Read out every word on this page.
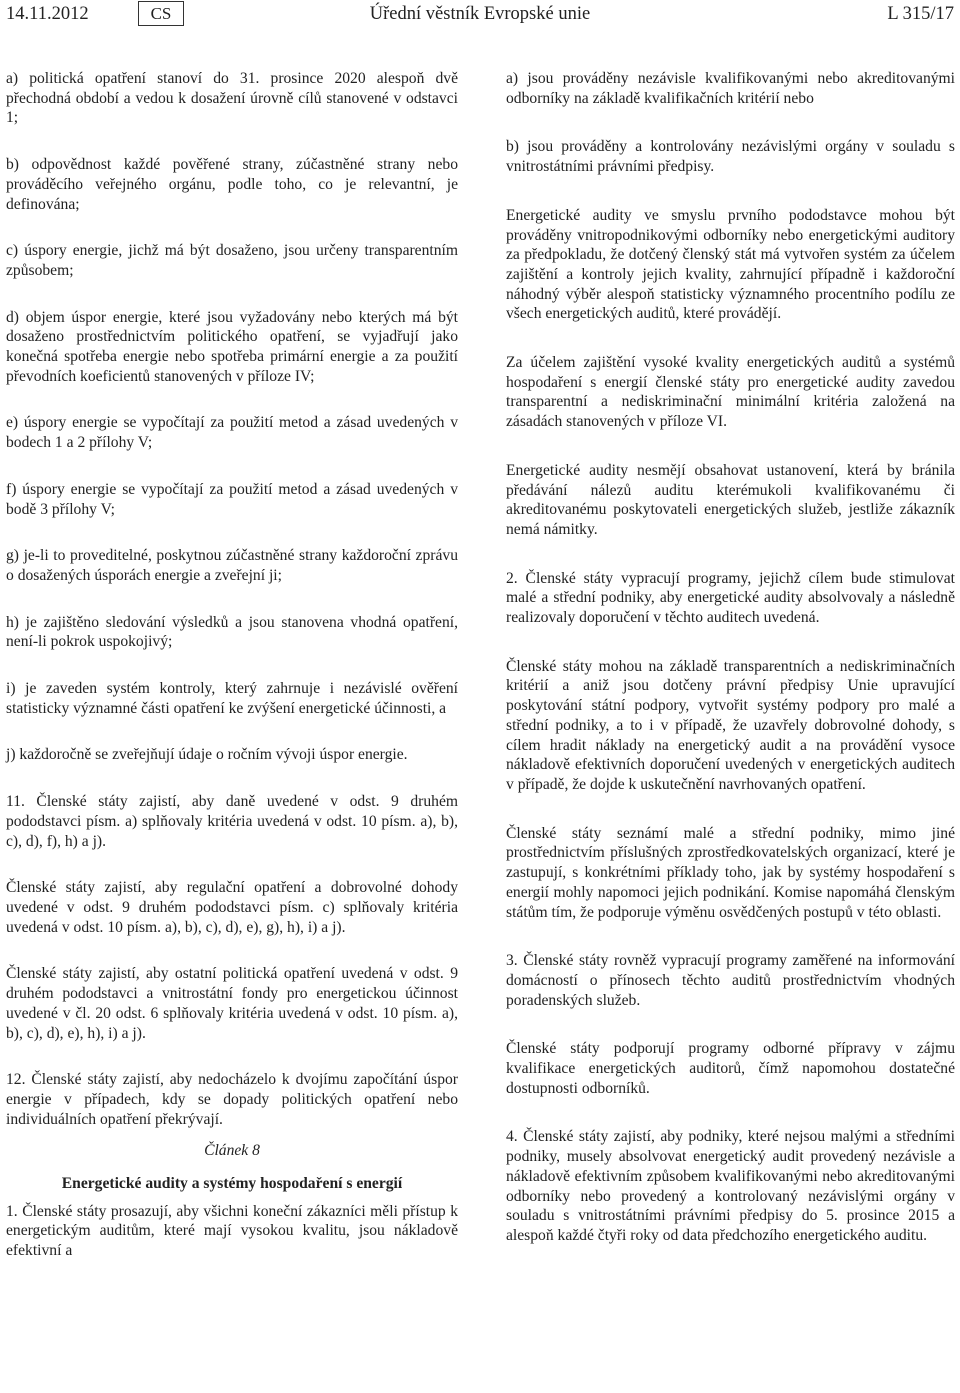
14.11.2012	CS	Úřední věstník Evropské unie	L 315/17

a) politická opatření stanoví do 31. prosince 2020 alespoň dvě přechodná období a vedou k dosažení úrovně cílů stanovené v odstavci 1;

b) odpovědnost každé pověřené strany, zúčastněné strany nebo prováděcího veřejného orgánu, podle toho, co je relevantní, je definována;

c) úspory energie, jichž má být dosaženo, jsou určeny transparentním způsobem;

d) objem úspor energie, které jsou vyžadovány nebo kterých má být dosaženo prostřednictvím politického opatření, se vyjadřují jako konečná spotřeba energie nebo spotřeba primární energie a za použití převodních koeficientů stanovených v příloze IV;

e) úspory energie se vypočítají za použití metod a zásad uvedených v bodech 1 a 2 přílohy V;

f) úspory energie se vypočítají za použití metod a zásad uvedených v bodě 3 přílohy V;

g) je-li to proveditelné, poskytnou zúčastněné strany každoroční zprávu o dosažených úsporách energie a zveřejní ji;

h) je zajištěno sledování výsledků a jsou stanovena vhodná opatření, není-li pokrok uspokojivý;

i) je zaveden systém kontroly, který zahrnuje i nezávislé ověření statisticky významné části opatření ke zvýšení energetické účinnosti, a

j) každoročně se zveřejňují údaje o ročním vývoji úspor energie.

11. Členské státy zajistí, aby daně uvedené v odst. 9 druhém pododstavci písm. a) splňovaly kritéria uvedená v odst. 10 písm. a), b), c), d), f), h) a j).

Členské státy zajistí, aby regulační opatření a dobrovolné dohody uvedené v odst. 9 druhém pododstavci písm. c) splňovaly kritéria uvedená v odst. 10 písm. a), b), c), d), e), g), h), i) a j).

Členské státy zajistí, aby ostatní politická opatření uvedená v odst. 9 druhém pododstavci a vnitrostátní fondy pro energetickou účinnost uvedené v čl. 20 odst. 6 splňovaly kritéria uvedená v odst. 10 písm. a), b), c), d), e), h), i) a j).

12. Členské státy zajistí, aby nedocházelo k dvojímu započítání úspor energie v případech, kdy se dopady politických opatření nebo individuálních opatření překrývají.

Článek 8

Energetické audity a systémy hospodaření s energií

1. Členské státy prosazují, aby všichni koneční zákazníci měli přístup k energetickým auditům, které mají vysokou kvalitu, jsou nákladově efektivní a

a) jsou prováděny nezávisle kvalifikovanými nebo akreditovanými odborníky na základě kvalifikačních kritérií nebo

b) jsou prováděny a kontrolovány nezávislými orgány v souladu s vnitrostátními právními předpisy.

Energetické audity ve smyslu prvního pododstavce mohou být prováděny vnitropodnikovými odborníky nebo energetickými auditory za předpokladu, že dotčený členský stát má vytvořen systém za účelem zajištění a kontroly jejich kvality, zahrnující případně i každoroční náhodný výběr alespoň statisticky významného procentního podílu ze všech energetických auditů, které provádějí.

Za účelem zajištění vysoké kvality energetických auditů a systémů hospodaření s energií členské státy pro energetické audity zavedou transparentní a nediskriminační minimální kritéria založená na zásadách stanovených v příloze VI.

Energetické audity nesmějí obsahovat ustanovení, která by bránila předávání nálezů auditu kterémukoli kvalifikovanému či akreditovanému poskytovateli energetických služeb, jestliže zákazník nemá námitky.

2. Členské státy vypracují programy, jejichž cílem bude stimulovat malé a střední podniky, aby energetické audity absolvovaly a následně realizovaly doporučení v těchto auditech uvedená.

Členské státy mohou na základě transparentních a nediskriminačních kritérií a aniž jsou dotčeny právní předpisy Unie upravující poskytování státní podpory, vytvořit systémy podpory pro malé a střední podniky, a to i v případě, že uzavřely dobrovolné dohody, s cílem hradit náklady na energetický audit a na provádění vysoce nákladově efektivních doporučení uvedených v energetických auditech v případě, že dojde k uskutečnění navrhovaných opatření.

Členské státy seznámí malé a střední podniky, mimo jiné prostřednictvím příslušných zprostředkovatelských organizací, které je zastupují, s konkrétními příklady toho, jak by systémy hospodaření s energií mohly napomoci jejich podnikání. Komise napomáhá členským státům tím, že podporuje výměnu osvědčených postupů v této oblasti.

3. Členské státy rovněž vypracují programy zaměřené na informování domácností o přínosech těchto auditů prostřednictvím vhodných poradenských služeb.

Členské státy podporují programy odborné přípravy v zájmu kvalifikace energetických auditorů, čímž napomohou dostatečné dostupnosti odborníků.

4. Členské státy zajistí, aby podniky, které nejsou malými a středními podniky, musely absolvovat energetický audit provedený nezávisle a nákladově efektivním způsobem kvalifikovanými nebo akreditovanými odborníky nebo provedený a kontrolovaný nezávislými orgány v souladu s vnitrostátními právními předpisy do 5. prosince 2015 a alespoň každé čtyři roky od data předchozího energetického auditu.
